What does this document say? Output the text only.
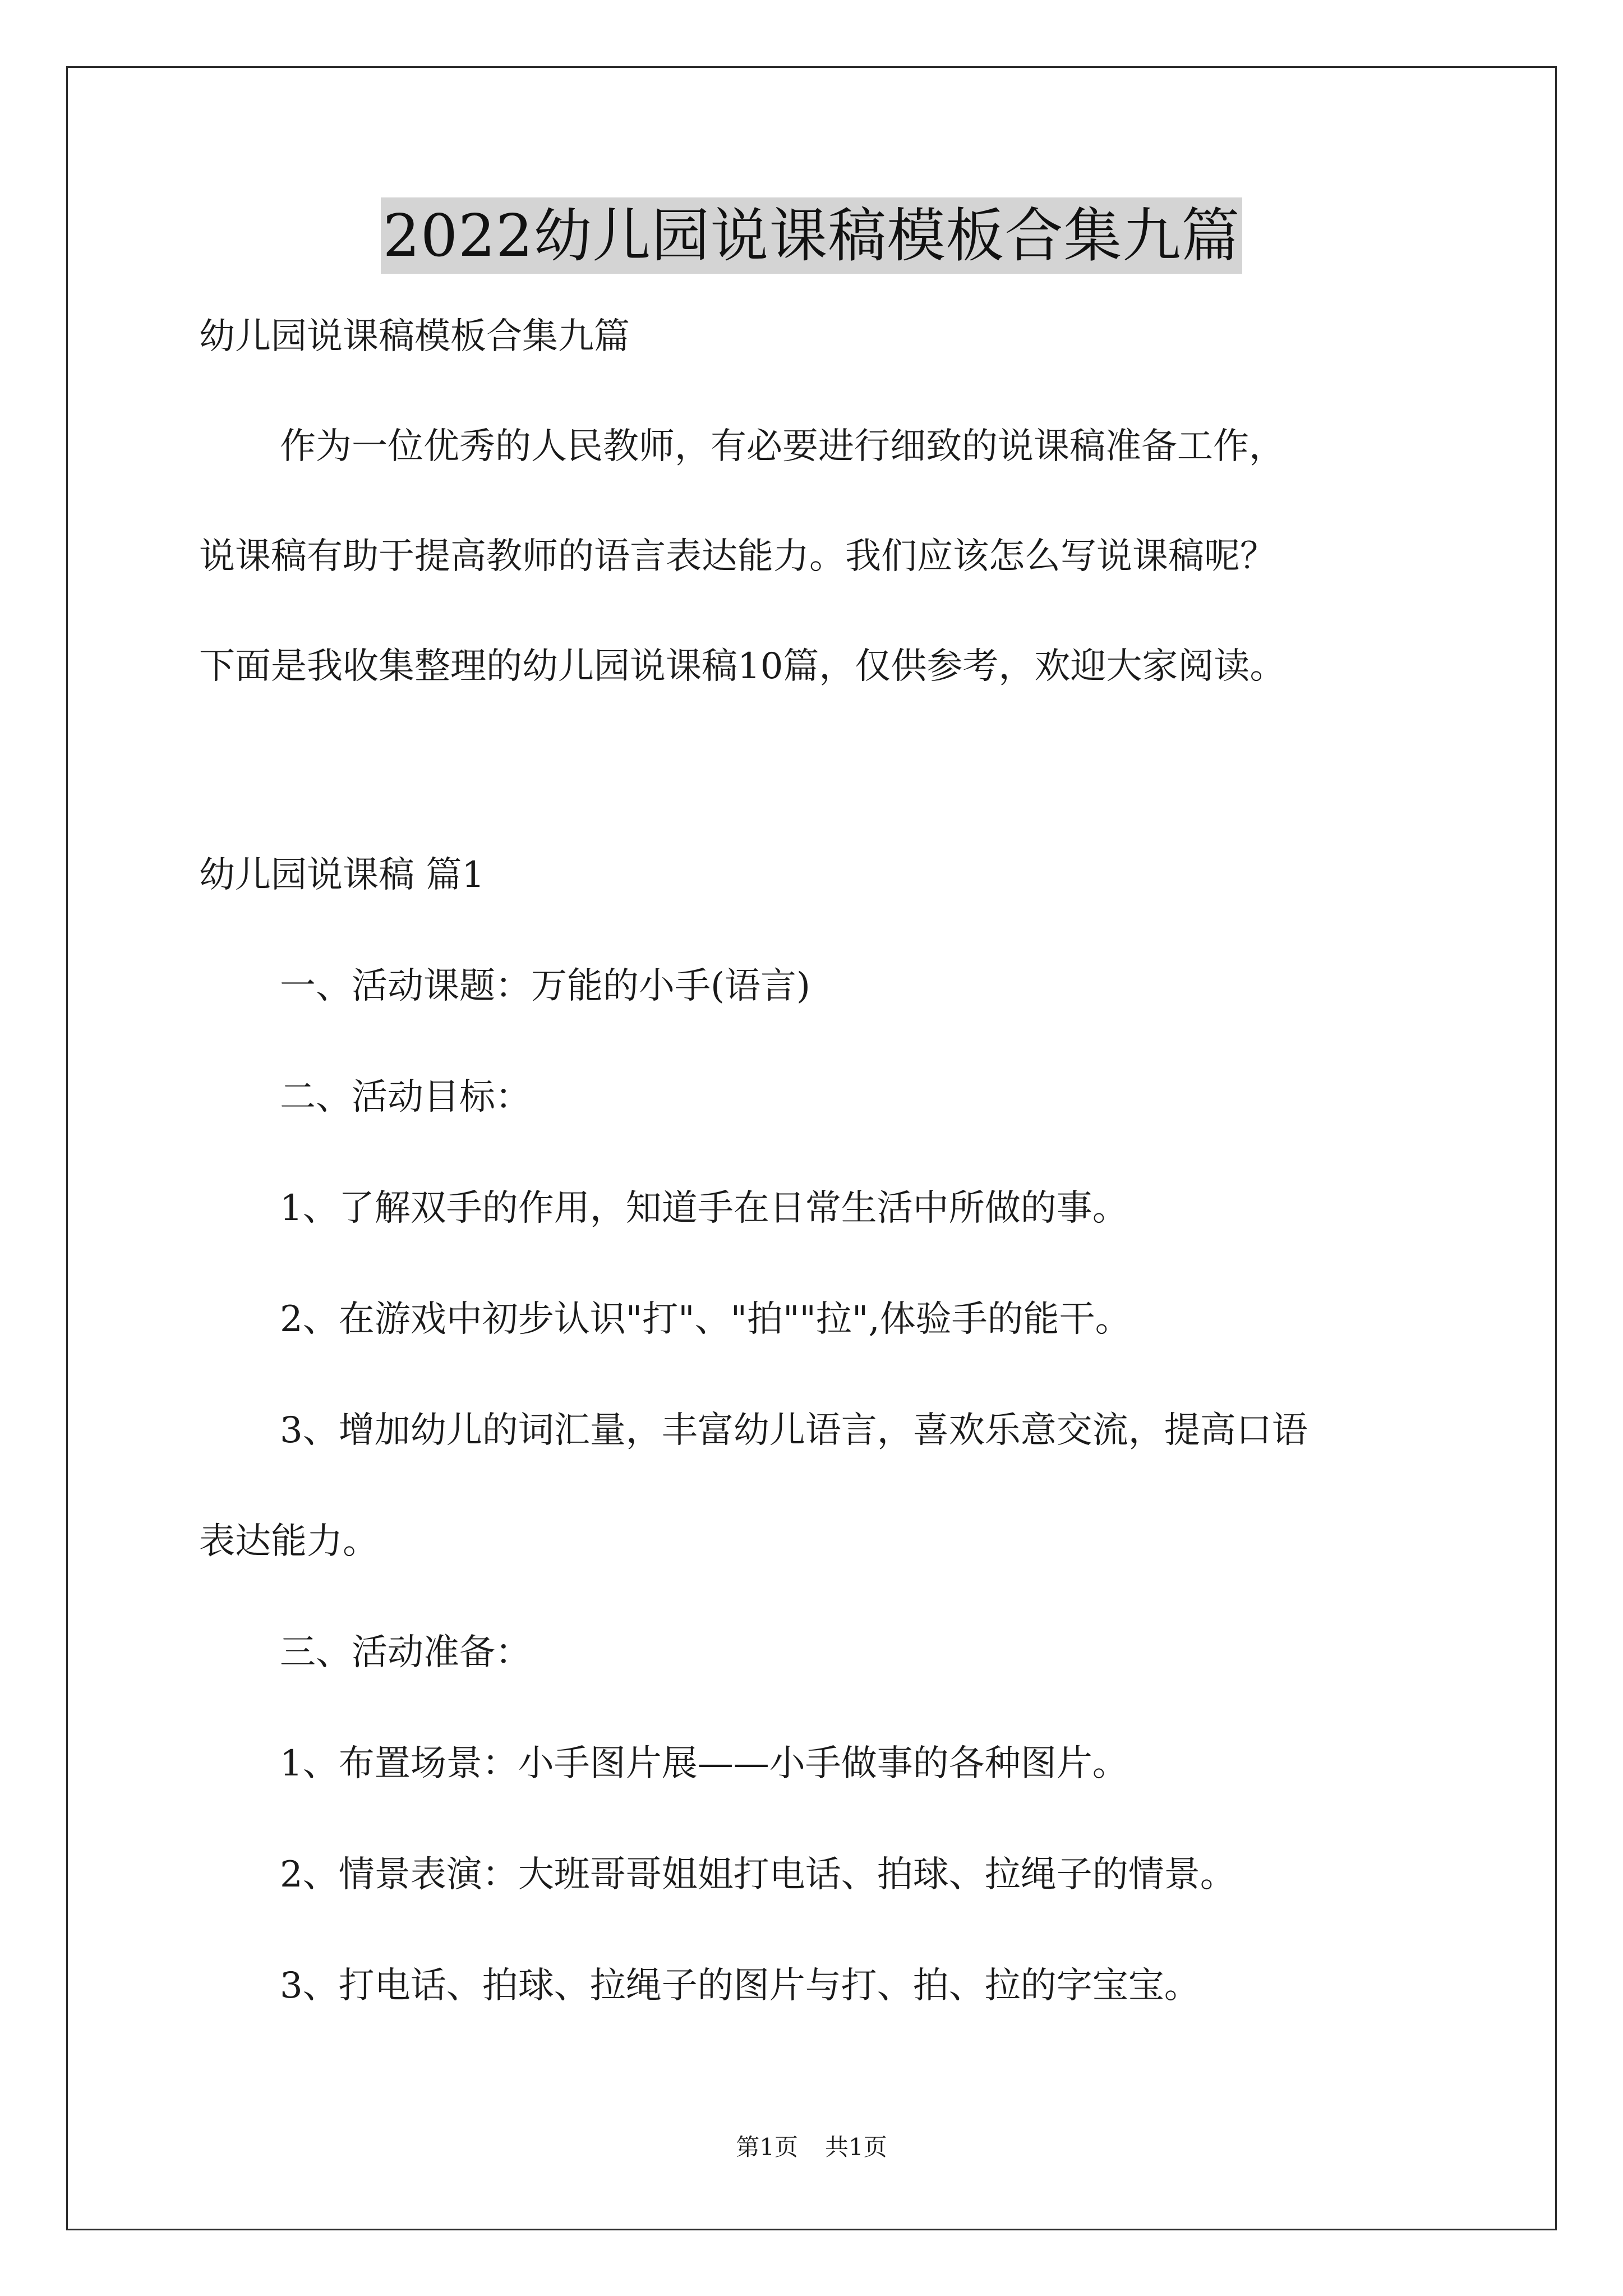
2022幼儿园说课稿模板合集九篇
幼儿园说课稿模板合集九篇
作为一位优秀的人民教师，有必要进行细致的说课稿准备工作，
说课稿有助于提高教师的语言表达能力。我们应该怎么写说课稿呢？
下面是我收集整理的幼儿园说课稿10篇，仅供参考，欢迎大家阅读。
幼儿园说课稿 篇1
一、活动课题：万能的小手(语言)
二、活动目标：
1、了解双手的作用，知道手在日常生活中所做的事。
2、在游戏中初步认识"打"、"拍""拉",体验手的能干。
3、增加幼儿的词汇量，丰富幼儿语言，喜欢乐意交流，提高口语
表达能力。
三、活动准备：
1、布置场景：小手图片展——小手做事的各种图片。
2、情景表演：大班哥哥姐姐打电话、拍球、拉绳子的情景。
3、打电话、拍球、拉绳子的图片与打、拍、拉的字宝宝。
第1页 共1页
